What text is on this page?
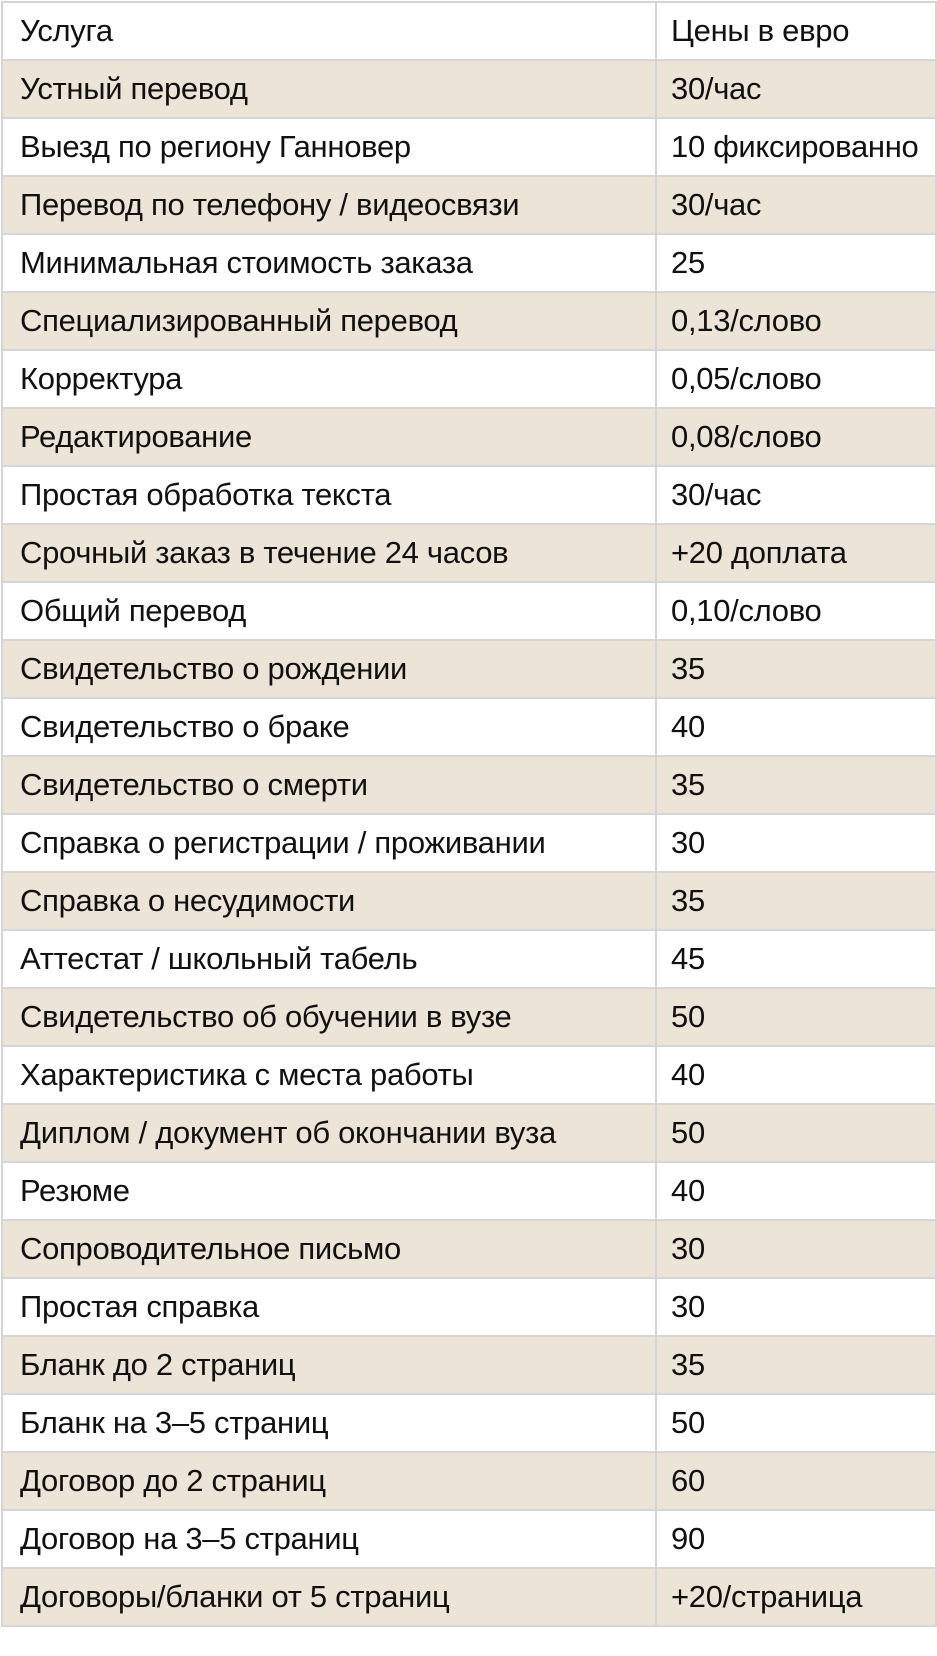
Услуга	Цены в евро
Устный перевод	30/час
Выезд по региону Ганновер	10 фиксированно
Перевод по телефону / видеосвязи	30/час
Минимальная стоимость заказа	25
Специализированный перевод	0,13/слово
Корректура	0,05/слово
Редактирование	0,08/слово
Простая обработка текста	30/час
Срочный заказ в течение 24 часов	+20 доплата
Общий перевод	0,10/слово
Свидетельство о рождении	35
Свидетельство о браке	40
Свидетельство о смерти	35
Справка о регистрации / проживании	30
Справка о несудимости	35
Аттестат / школьный табель	45
Свидетельство об обучении в вузе	50
Характеристика с места работы	40
Диплом / документ об окончании вуза	50
Резюме	40
Сопроводительное письмо	30
Простая справка	30
Бланк до 2 страниц	35
Бланк на 3–5 страниц	50
Договор до 2 страниц	60
Договор на 3–5 страниц	90
Договоры/бланки от 5 страниц	+20/страница
